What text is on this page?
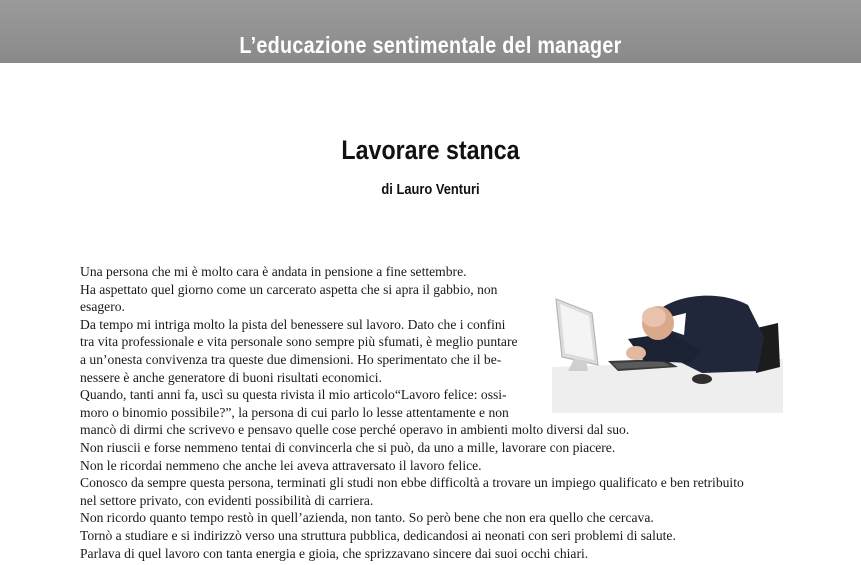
L’educazione sentimentale del manager
Lavorare stanca
di Lauro Venturi
Una persona che mi è molto cara è andata in pensione a fine settembre.
Ha aspettato quel giorno come un carcerato aspetta che si apra il gabbio, non
esagero.
Da tempo mi intriga molto la pista del benessere sul lavoro. Dato che i confini
tra vita professionale e vita personale sono sempre più sfumati, è meglio puntare
a un’onesta convivenza tra queste due dimensioni. Ho sperimentato che il be-
nessere è anche generatore di buoni risultati economici.
Quando, tanti anni fa, uscì su questa rivista il mio articolo“Lavoro felice: ossi-
moro o binomio possibile?”, la persona di cui parlo lo lesse attentamente e non
mancò di dirmi che scrivevo e pensavo quelle cose perché operavo in ambienti molto diversi dal suo.
Non riuscii e forse nemmeno tentai di convincerla che si può, da uno a mille, lavorare con piacere.
Non le ricordai nemmeno che anche lei aveva attraversato il lavoro felice.
Conosco da sempre questa persona, terminati gli studi non ebbe difficoltà a trovare un impiego qualificato e ben retribuito
nel settore privato, con evidenti possibilità di carriera.
Non ricordo quanto tempo restò in quell’azienda, non tanto. So però bene che non era quello che cercava.
Tornò a studiare e si indirizzò verso una struttura pubblica, dedicandosi ai neonati con seri problemi di salute.
Parlava di quel lavoro con tanta energia e gioia, che sprizzavano sincere dai suoi occhi chiari.
